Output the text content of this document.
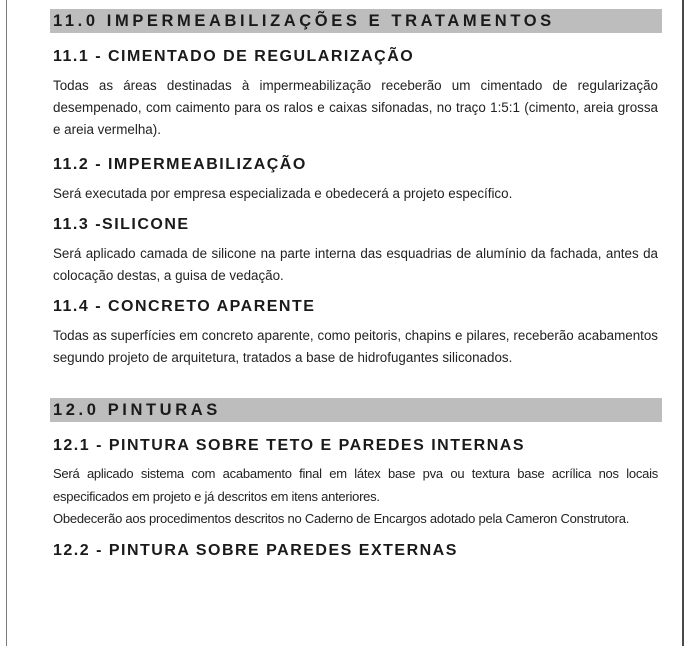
11.0 IMPERMEABILIZAÇÕES E TRATAMENTOS
11.1 - CIMENTADO DE REGULARIZAÇÃO
Todas as áreas destinadas à impermeabilização receberão um cimentado de regularização desempenado, com caimento para os ralos e caixas sifonadas, no traço 1:5:1 (cimento, areia grossa e areia vermelha).
11.2 - IMPERMEABILIZAÇÃO
Será executada por empresa especializada e obedecerá a projeto específico.
11.3 -SILICONE
Será aplicado camada de silicone na parte interna das esquadrias de alumínio da fachada, antes da colocação destas, a guisa de vedação.
11.4 - CONCRETO APARENTE
Todas as superfícies em concreto aparente, como peitoris, chapins e pilares, receberão acabamentos segundo projeto de arquitetura, tratados a base de hidrofugantes siliconados.
12.0 PINTURAS
12.1 - PINTURA SOBRE TETO E PAREDES INTERNAS
Será aplicado sistema com acabamento final em látex base pva ou textura base acrílica nos locais especificados em projeto e já descritos em itens anteriores.
Obedecerão aos procedimentos descritos no Caderno de Encargos adotado pela Cameron Construtora.
12.2 - PINTURA SOBRE PAREDES EXTERNAS
